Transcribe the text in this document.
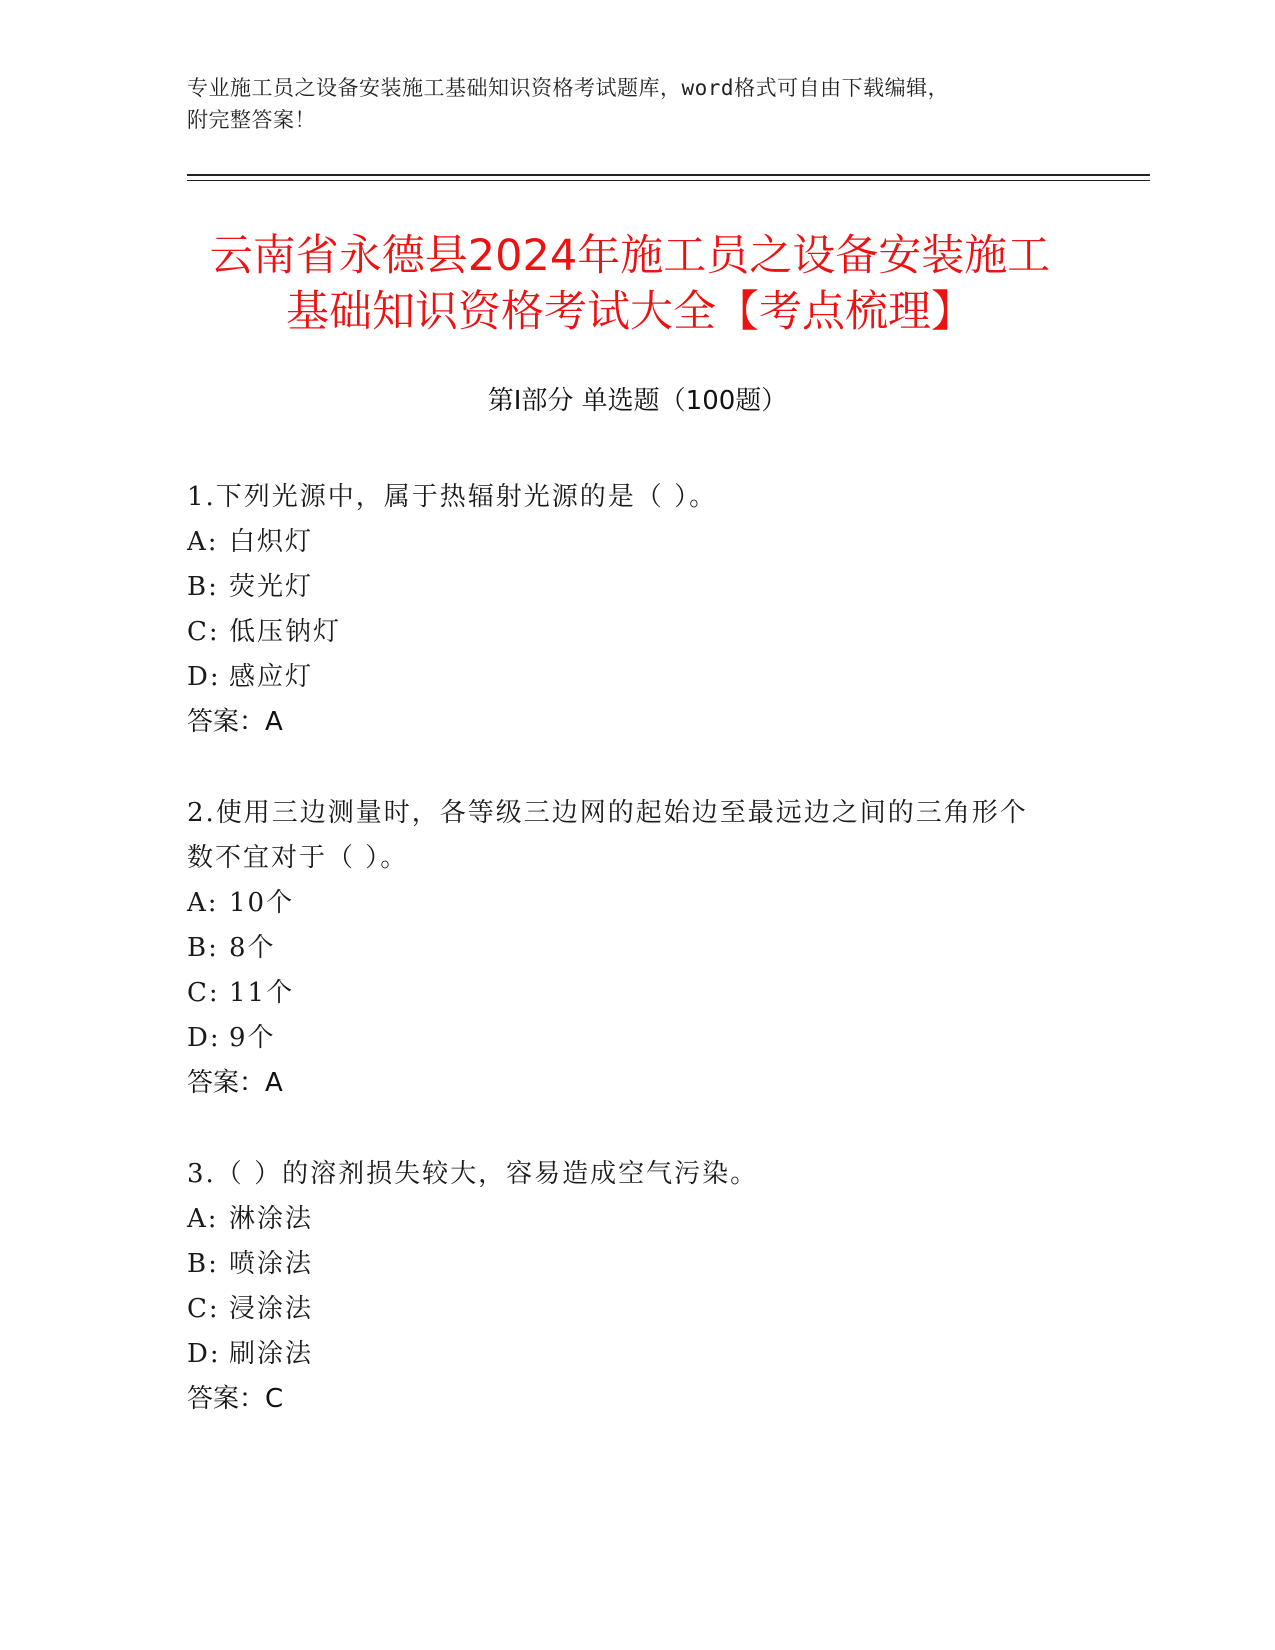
专业施工员之设备安装施工基础知识资格考试题库，word格式可自由下载编辑，
附完整答案！
云南省永德县2024年施工员之设备安装施工
基础知识资格考试大全【考点梳理】
第Ⅰ部分 单选题（100题）
1.下列光源中，属于热辐射光源的是（ ）。
A: 白炽灯
B: 荧光灯
C: 低压钠灯
D: 感应灯
答案：A
2.使用三边测量时，各等级三边网的起始边至最远边之间的三角形个
数不宜对于（ ）。
A: 10个
B: 8个
C: 11个
D: 9个
答案：A
3.（ ）的溶剂损失较大，容易造成空气污染。
A: 淋涂法
B: 喷涂法
C: 浸涂法
D: 刷涂法
答案：C
